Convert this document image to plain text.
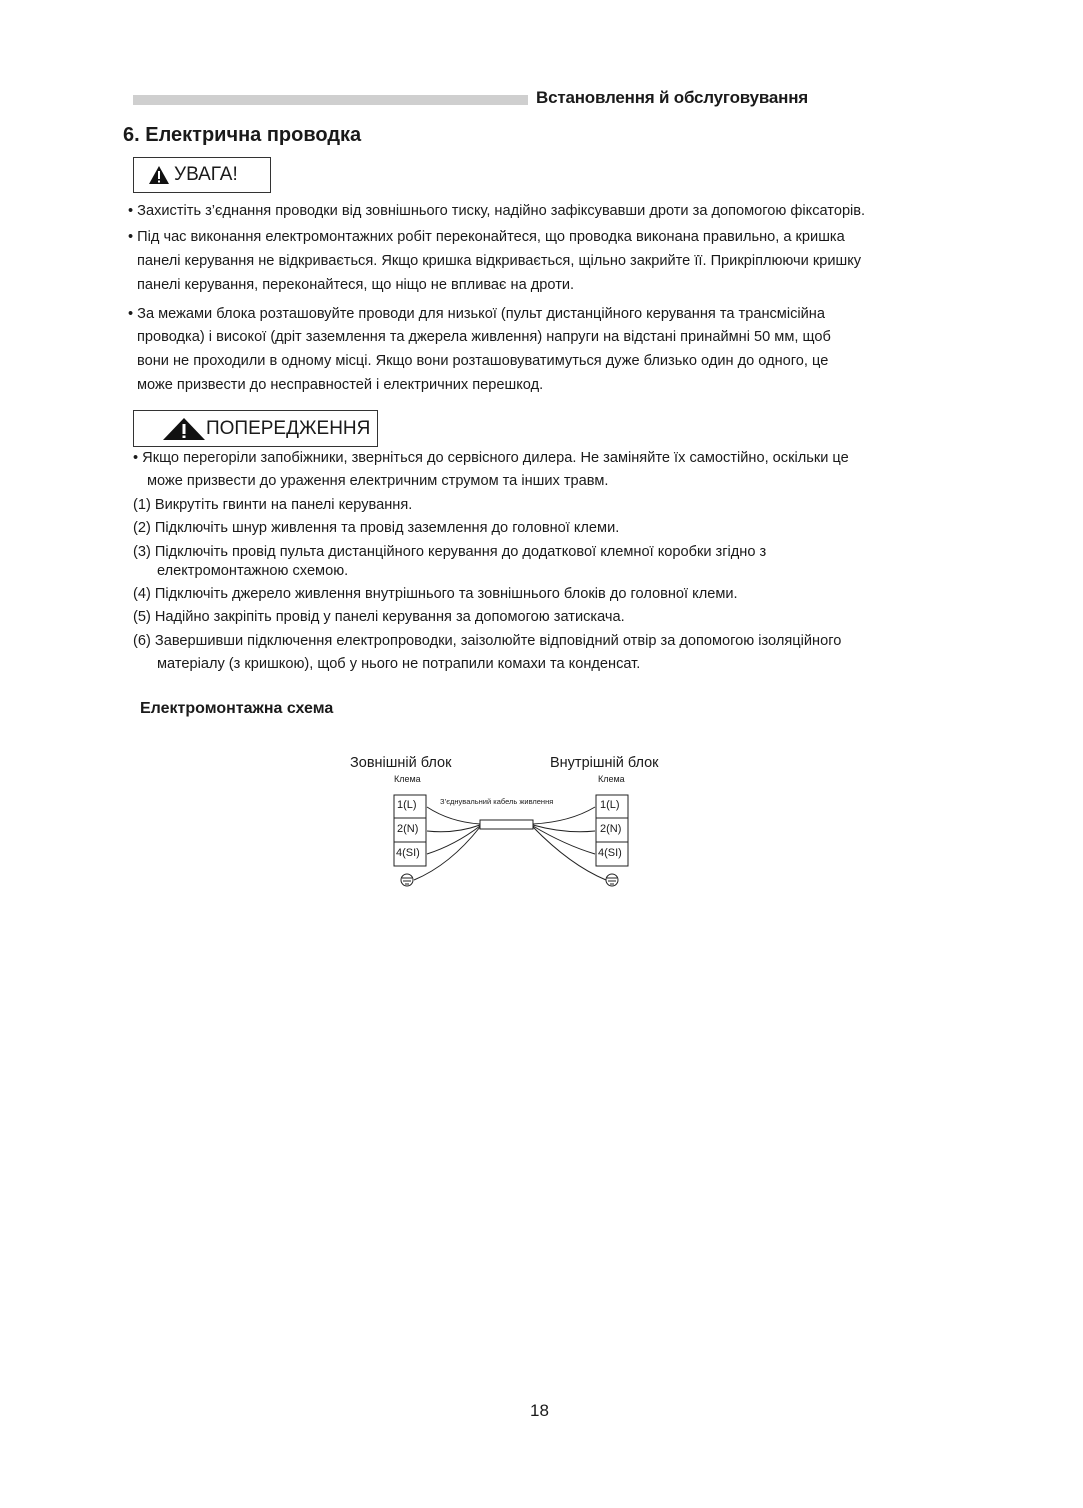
Встановлення й обслуговування
6. Електрична проводка
УВАГА!
• Захистіть з’єднання проводки від зовнішнього тиску, надійно зафіксувавши дроти за допомогою фіксаторів.
• Під час виконання електромонтажних робіт переконайтеся, що проводка виконана правильно, а кришка
панелі керування не відкривається. Якщо кришка відкривається, щільно закрийте її. Прикріплюючи кришку
панелі керування, переконайтеся, що ніщо не впливає на дроти.
• За межами блока розташовуйте проводи для низької (пульт дистанційного керування та трансмісійна
проводка) і високої (дріт заземлення та джерела живлення) напруги на відстані принаймні 50 мм, щоб
вони не проходили в одному місці. Якщо вони розташовуватимуться дуже близько один до одного, це
може призвести до несправностей і електричних перешкод.
ПОПЕРЕДЖЕННЯ
• Якщо перегоріли запобіжники, зверніться до сервісного дилера. Не заміняйте їх самостійно, оскільки це
може призвести до ураження електричним струмом та інших травм.
(1) Викрутіть гвинти на панелі керування.
(2) Підключіть шнур живлення та провід заземлення до головної клеми.
(3) Підключіть провід пульта дистанційного керування до додаткової клемної коробки згідно з
електромонтажною схемою.
(4) Підключіть джерело живлення внутрішнього та зовнішнього блоків до головної клеми.
(5) Надійно закріпіть провід у панелі керування за допомогою затискача.
(6) Завершивши підключення електропроводки, заізолюйте відповідний отвір за допомогою ізоляційного
матеріалу (з кришкою), щоб у нього не потрапили комахи та конденсат.
Електромонтажна схема
Зовнішній блок	Внутрішній блок
Клема	Клема
З’єднувальний кабель живлення
1(L)
2(N)
4(SI)
1(L)
2(N)
4(SI)
18
